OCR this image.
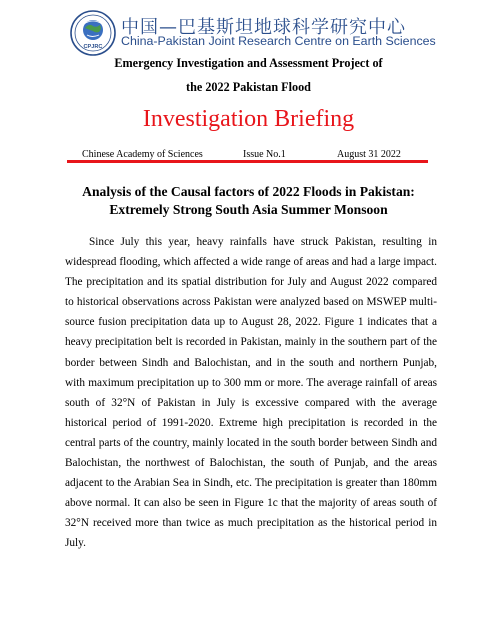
CPJRC
中国—巴基斯坦地球科学研究中心
China-Pakistan Joint Research Centre on Earth Sciences
Emergency Investigation and Assessment Project of
the 2022 Pakistan Flood
Investigation Briefing
Chinese Academy of Sciences	Issue No.1	August 31 2022
Analysis of the Causal factors of 2022 Floods in Pakistan: Extremely Strong South Asia Summer Monsoon

Since July this year, heavy rainfalls have struck Pakistan, resulting in widespread flooding, which affected a wide range of areas and had a large impact. The precipitation and its spatial distribution for July and August 2022 compared to historical observations across Pakistan were analyzed based on MSWEP multi-source fusion precipitation data up to August 28, 2022. Figure 1 indicates that a heavy precipitation belt is recorded in Pakistan, mainly in the southern part of the border between Sindh and Balochistan, and in the south and northern Punjab, with maximum precipitation up to 300 mm or more. The average rainfall of areas south of 32°N of Pakistan in July is excessive compared with the average historical period of 1991-2020. Extreme high precipitation is recorded in the central parts of the country, mainly located in the south border between Sindh and Balochistan, the northwest of Balochistan, the south of Punjab, and the areas adjacent to the Arabian Sea in Sindh, etc. The precipitation is greater than 180mm above normal. It can also be seen in Figure 1c that the majority of areas south of 32°N received more than twice as much precipitation as the historical period in July.
